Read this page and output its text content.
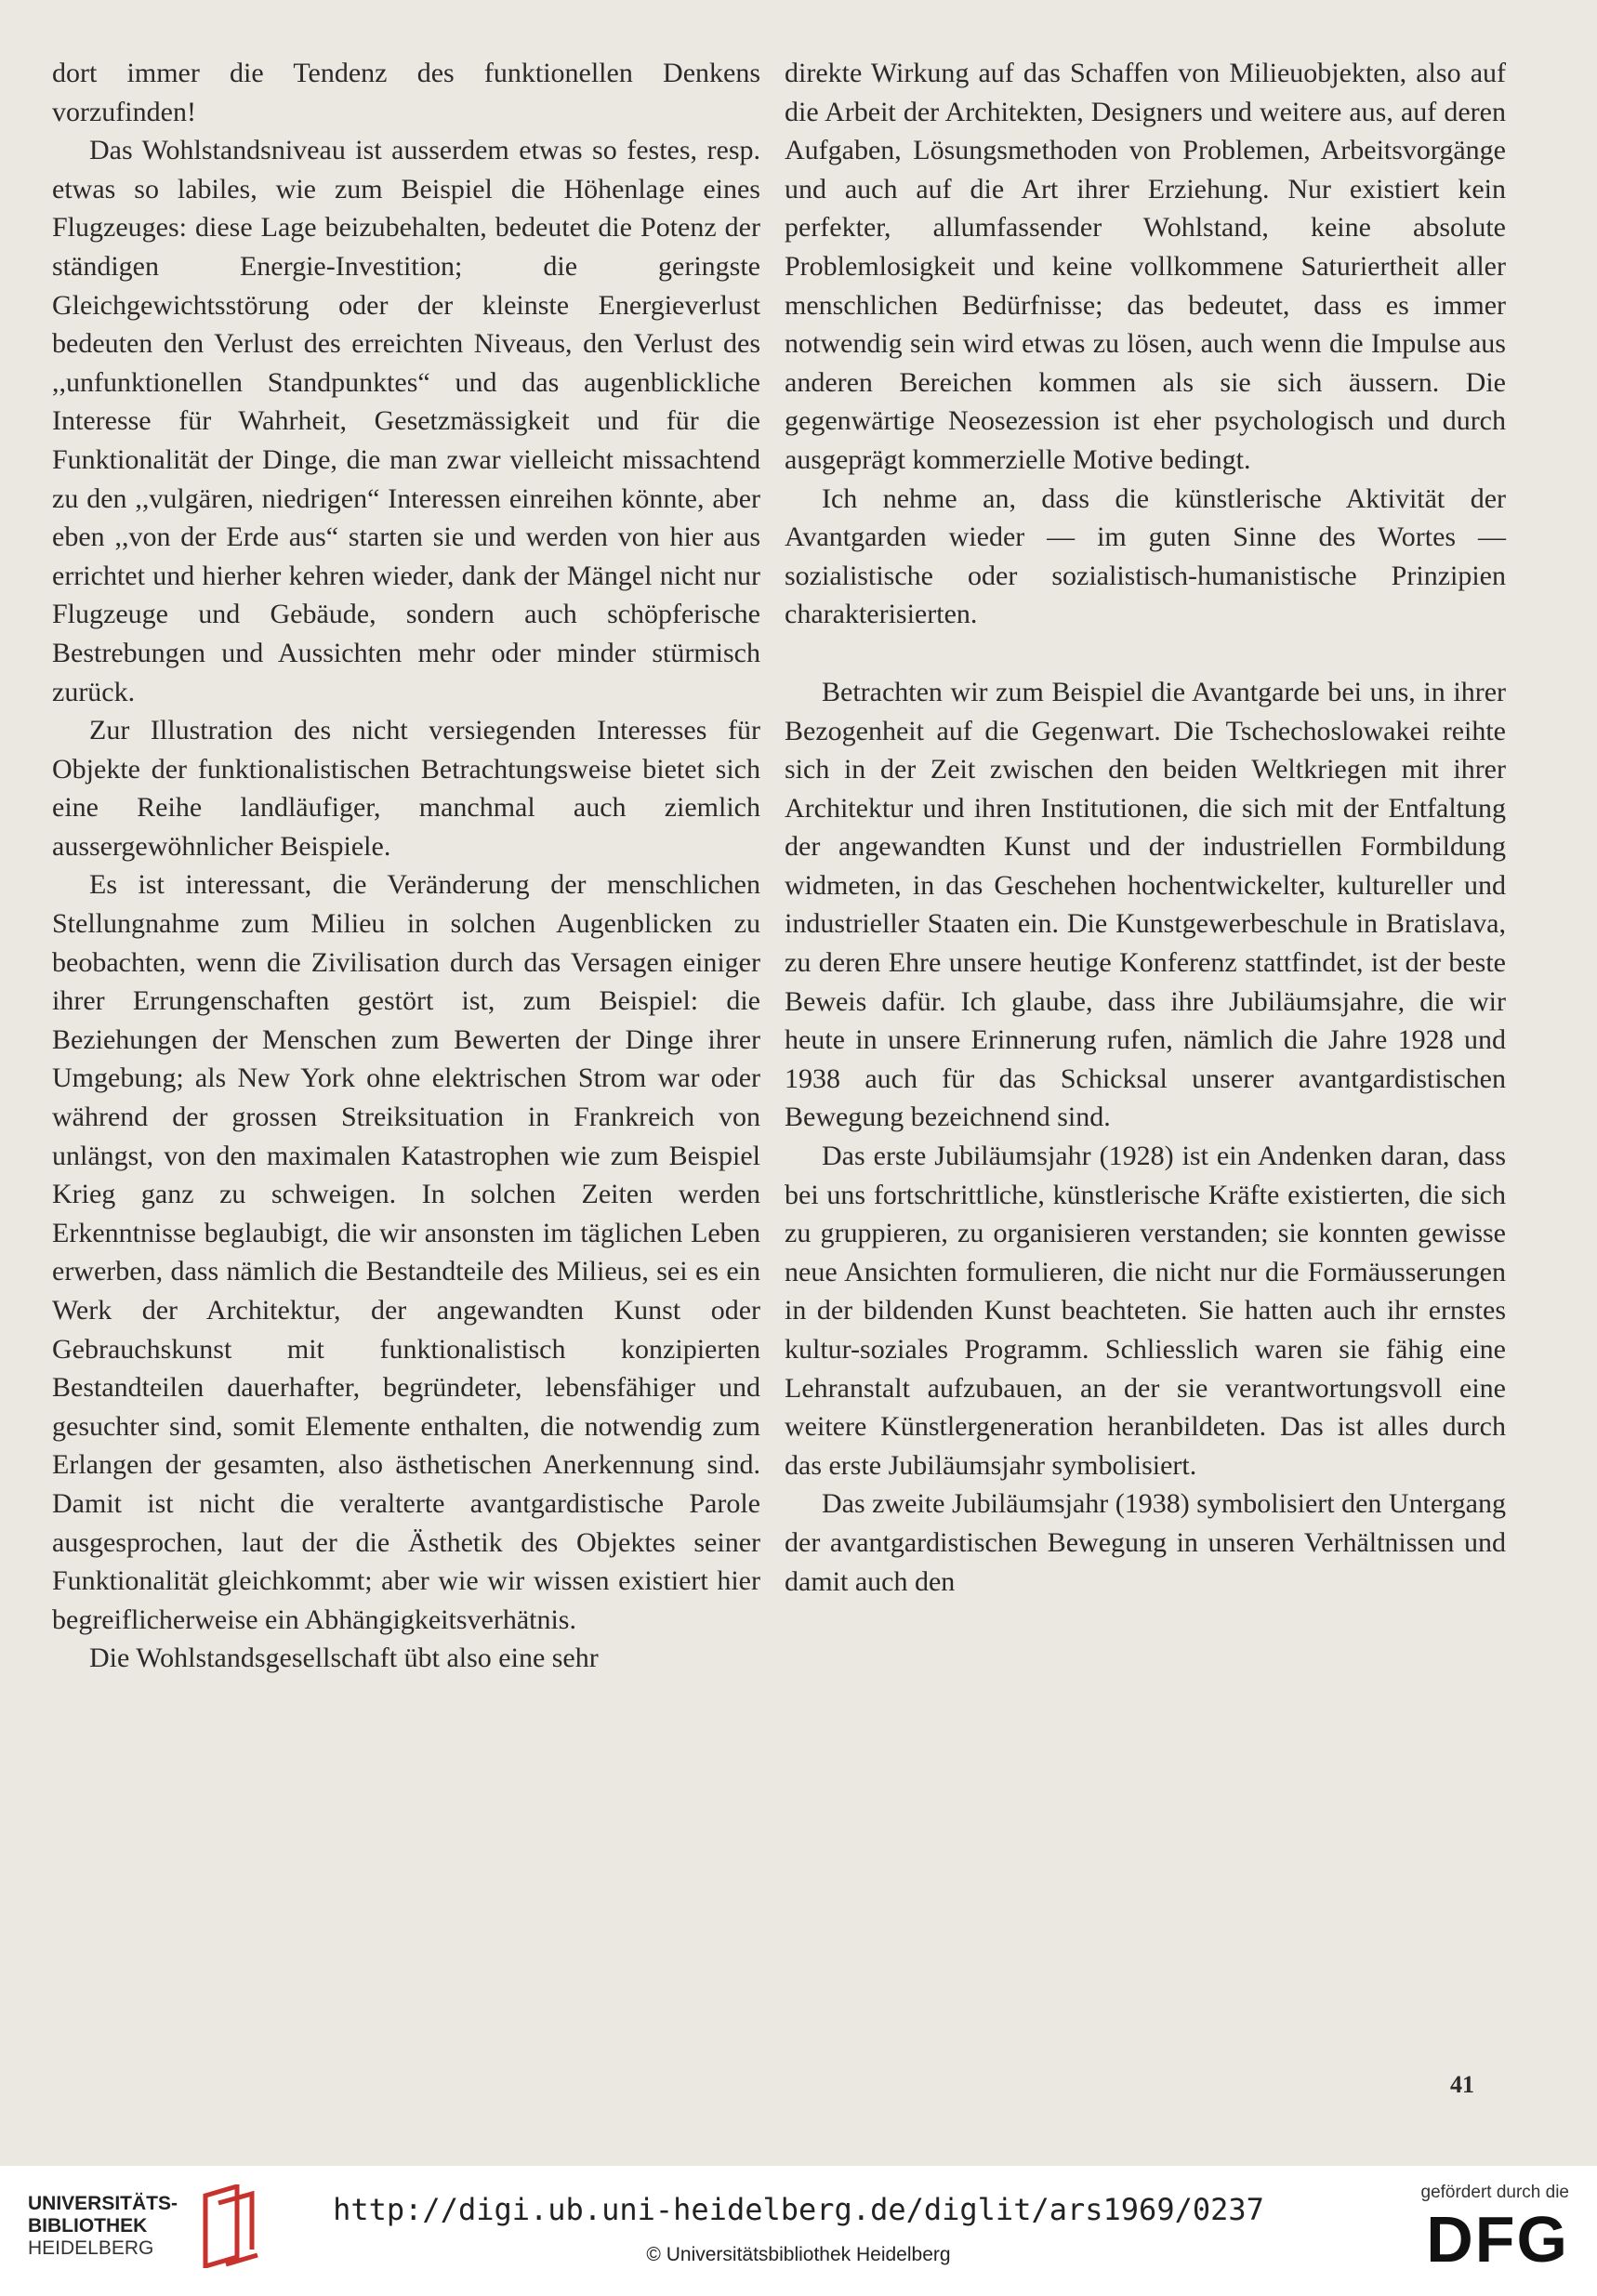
dort immer die Tendenz des funktionellen Denkens vorzufinden!

Das Wohlstandsniveau ist ausserdem etwas so festes, resp. etwas so labiles, wie zum Beispiel die Höhenlage eines Flugzeuges: diese Lage beizubehalten, bedeutet die Potenz der ständigen Energie-Investition; die geringste Gleichgewichtsstörung oder der kleinste Energieverlust bedeuten den Verlust des erreichten Niveaus, den Verlust des ,,unfunktionellen Standpunktes“ und das augenblickliche Interesse für Wahrheit, Gesetzmässigkeit und für die Funktionalität der Dinge, die man zwar vielleicht missachtend zu den ,,vulgären, niedrigen“ Interessen einreihen könnte, aber eben ,,von der Erde aus“ starten sie und werden von hier aus errichtet und hierher kehren wieder, dank der Mängel nicht nur Flugzeuge und Gebäude, sondern auch schöpferische Bestrebungen und Aussichten mehr oder minder stürmisch zurück.

Zur Illustration des nicht versiegenden Interesses für Objekte der funktionalistischen Betrachtungsweise bietet sich eine Reihe landläufiger, manchmal auch ziemlich aussergewöhnlicher Beispiele.

Es ist interessant, die Veränderung der menschlichen Stellungnahme zum Milieu in solchen Augenblicken zu beobachten, wenn die Zivilisation durch das Versagen einiger ihrer Errungenschaften gestört ist, zum Beispiel: die Beziehungen der Menschen zum Bewerten der Dinge ihrer Umgebung; als New York ohne elektrischen Strom war oder während der grossen Streiksituation in Frankreich von unlängst, von den maximalen Katastrophen wie zum Beispiel Krieg ganz zu schweigen. In solchen Zeiten werden Erkenntnisse beglaubigt, die wir ansonsten im täglichen Leben erwerben, dass nämlich die Bestandteile des Milieus, sei es ein Werk der Architektur, der angewandten Kunst oder Gebrauchskunst mit funktionalistisch konzipierten Bestandteilen dauerhafter, begründeter, lebensfähiger und gesuchter sind, somit Elemente enthalten, die notwendig zum Erlangen der gesamten, also ästhetischen Anerkennung sind. Damit ist nicht die veralterte avantgardistische Parole ausgesprochen, laut der die Ästhetik des Objektes seiner Funktionalität gleichkommt; aber wie wir wissen existiert hier begreiflicherweise ein Abhängigkeitsverhätnis.

Die Wohlstandsgesellschaft übt also eine sehr

direkte Wirkung auf das Schaffen von Milieuobjekten, also auf die Arbeit der Architekten, Designers und weitere aus, auf deren Aufgaben, Lösungsmethoden von Problemen, Arbeitsvorgänge und auch auf die Art ihrer Erziehung. Nur existiert kein perfekter, allumfassender Wohlstand, keine absolute Problemlosigkeit und keine vollkommene Saturiertheit aller menschlichen Bedürfnisse; das bedeutet, dass es immer notwendig sein wird etwas zu lösen, auch wenn die Impulse aus anderen Bereichen kommen als sie sich äussern. Die gegenwärtige Neosezession ist eher psychologisch und durch ausgeprägt kommerzielle Motive bedingt.

Ich nehme an, dass die künstlerische Aktivität der Avantgarden wieder — im guten Sinne des Wortes — sozialistische oder sozialistisch-humanistische Prinzipien charakterisierten.

Betrachten wir zum Beispiel die Avantgarde bei uns, in ihrer Bezogenheit auf die Gegenwart. Die Tschechoslowakei reihte sich in der Zeit zwischen den beiden Weltkriegen mit ihrer Architektur und ihren Institutionen, die sich mit der Entfaltung der angewandten Kunst und der industriellen Formbildung widmeten, in das Geschehen hochentwickelter, kultureller und industrieller Staaten ein. Die Kunstgewerbeschule in Bratislava, zu deren Ehre unsere heutige Konferenz stattfindet, ist der beste Beweis dafür. Ich glaube, dass ihre Jubiläumsjahre, die wir heute in unsere Erinnerung rufen, nämlich die Jahre 1928 und 1938 auch für das Schicksal unserer avantgardistischen Bewegung bezeichnend sind.

Das erste Jubiläumsjahr (1928) ist ein Andenken daran, dass bei uns fortschrittliche, künstlerische Kräfte existierten, die sich zu gruppieren, zu organisieren verstanden; sie konnten gewisse neue Ansichten formulieren, die nicht nur die Formäusserungen in der bildenden Kunst beachteten. Sie hatten auch ihr ernstes kultur-soziales Programm. Schliesslich waren sie fähig eine Lehranstalt aufzubauen, an der sie verantwortungsvoll eine weitere Künstlergeneration heranbildeten. Das ist alles durch das erste Jubiläumsjahr symbolisiert.

Das zweite Jubiläumsjahr (1938) symbolisiert den Untergang der avantgardistischen Bewegung in unseren Verhältnissen und damit auch den

41
UNIVERSITÄTS-
BIBLIOTHEK
HEIDELBERG
http://digi.ub.uni-heidelberg.de/diglit/ars1969/0237
© Universitätsbibliothek Heidelberg
gefördert durch die
DFG
